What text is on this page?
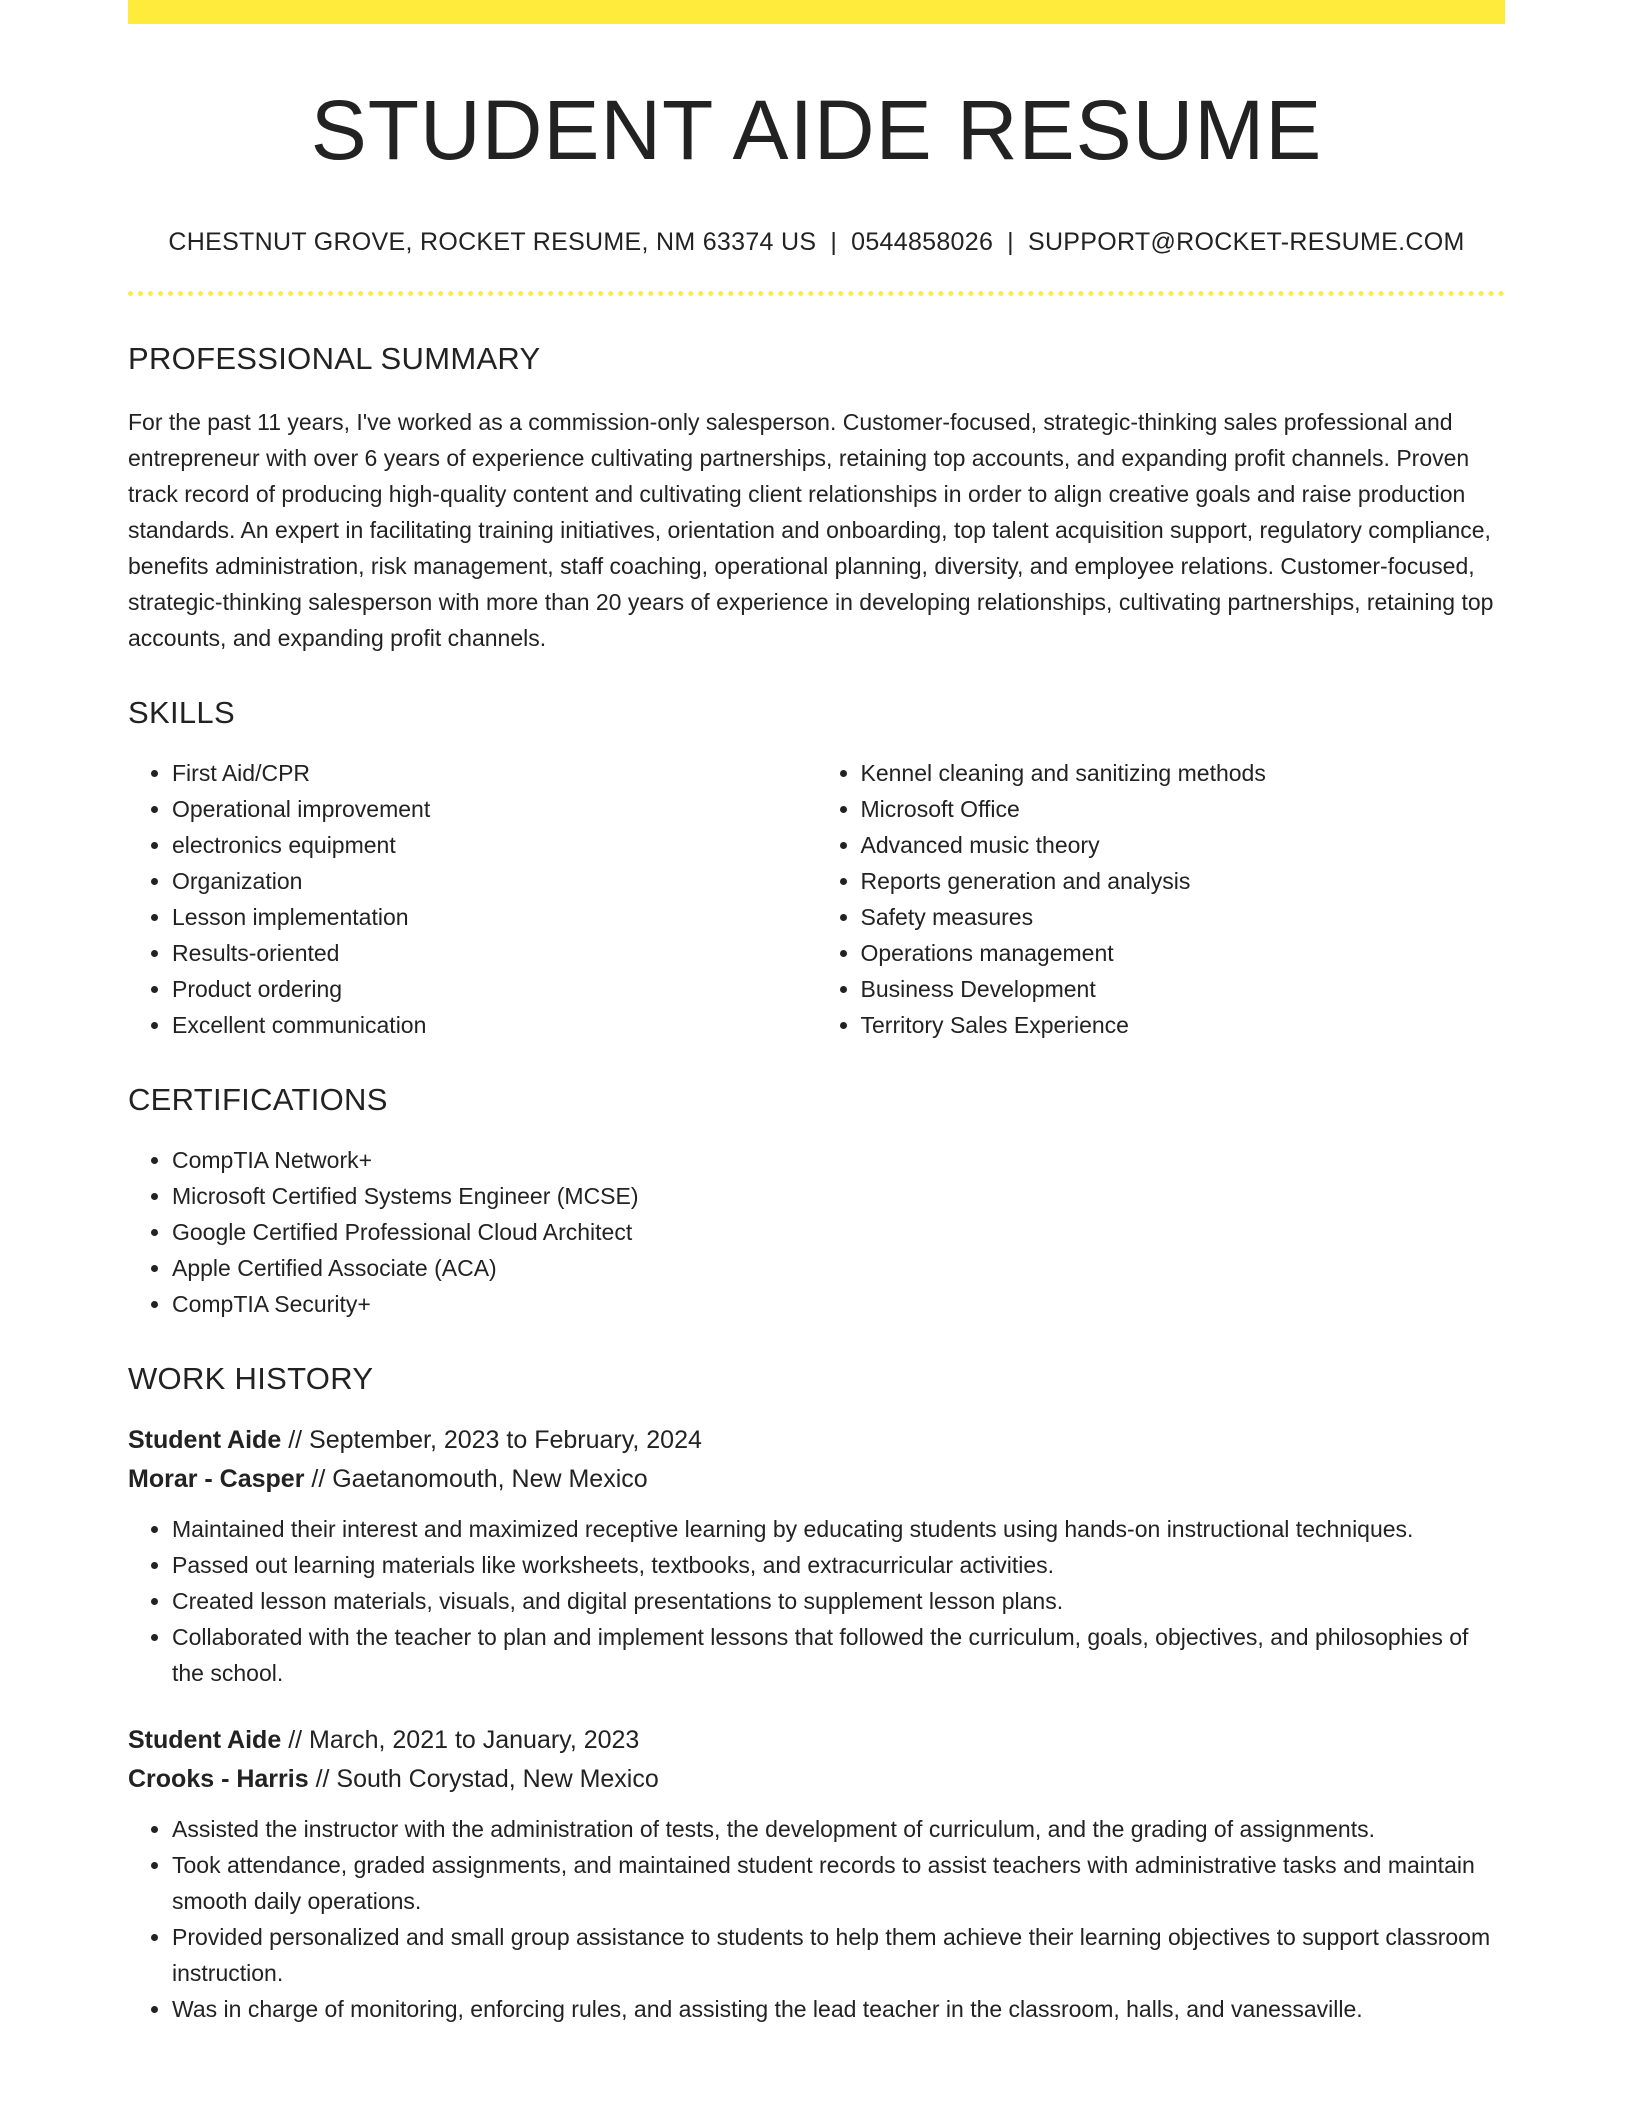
STUDENT AIDE RESUME
CHESTNUT GROVE, ROCKET RESUME, NM 63374 US | 0544858026 | SUPPORT@ROCKET-RESUME.COM
PROFESSIONAL SUMMARY

For the past 11 years, I've worked as a commission-only salesperson. Customer-focused, strategic-thinking sales professional and entrepreneur with over 6 years of experience cultivating partnerships, retaining top accounts, and expanding profit channels. Proven track record of producing high-quality content and cultivating client relationships in order to align creative goals and raise production standards. An expert in facilitating training initiatives, orientation and onboarding, top talent acquisition support, regulatory compliance, benefits administration, risk management, staff coaching, operational planning, diversity, and employee relations. Customer-focused, strategic-thinking salesperson with more than 20 years of experience in developing relationships, cultivating partnerships, retaining top accounts, and expanding profit channels.

SKILLS
• First Aid/CPR
• Operational improvement
• electronics equipment
• Organization
• Lesson implementation
• Results-oriented
• Product ordering
• Excellent communication
• Kennel cleaning and sanitizing methods
• Microsoft Office
• Advanced music theory
• Reports generation and analysis
• Safety measures
• Operations management
• Business Development
• Territory Sales Experience
CERTIFICATIONS
• CompTIA Network+
• Microsoft Certified Systems Engineer (MCSE)
• Google Certified Professional Cloud Architect
• Apple Certified Associate (ACA)
• CompTIA Security+
WORK HISTORY
Student Aide // September, 2023 to February, 2024
Morar - Casper // Gaetanomouth, New Mexico
• Maintained their interest and maximized receptive learning by educating students using hands-on instructional techniques.
• Passed out learning materials like worksheets, textbooks, and extracurricular activities.
• Created lesson materials, visuals, and digital presentations to supplement lesson plans.
• Collaborated with the teacher to plan and implement lessons that followed the curriculum, goals, objectives, and philosophies of the school.
Student Aide // March, 2021 to January, 2023
Crooks - Harris // South Corystad, New Mexico
• Assisted the instructor with the administration of tests, the development of curriculum, and the grading of assignments.
• Took attendance, graded assignments, and maintained student records to assist teachers with administrative tasks and maintain smooth daily operations.
• Provided personalized and small group assistance to students to help them achieve their learning objectives to support classroom instruction.
• Was in charge of monitoring, enforcing rules, and assisting the lead teacher in the classroom, halls, and vanessaville.
